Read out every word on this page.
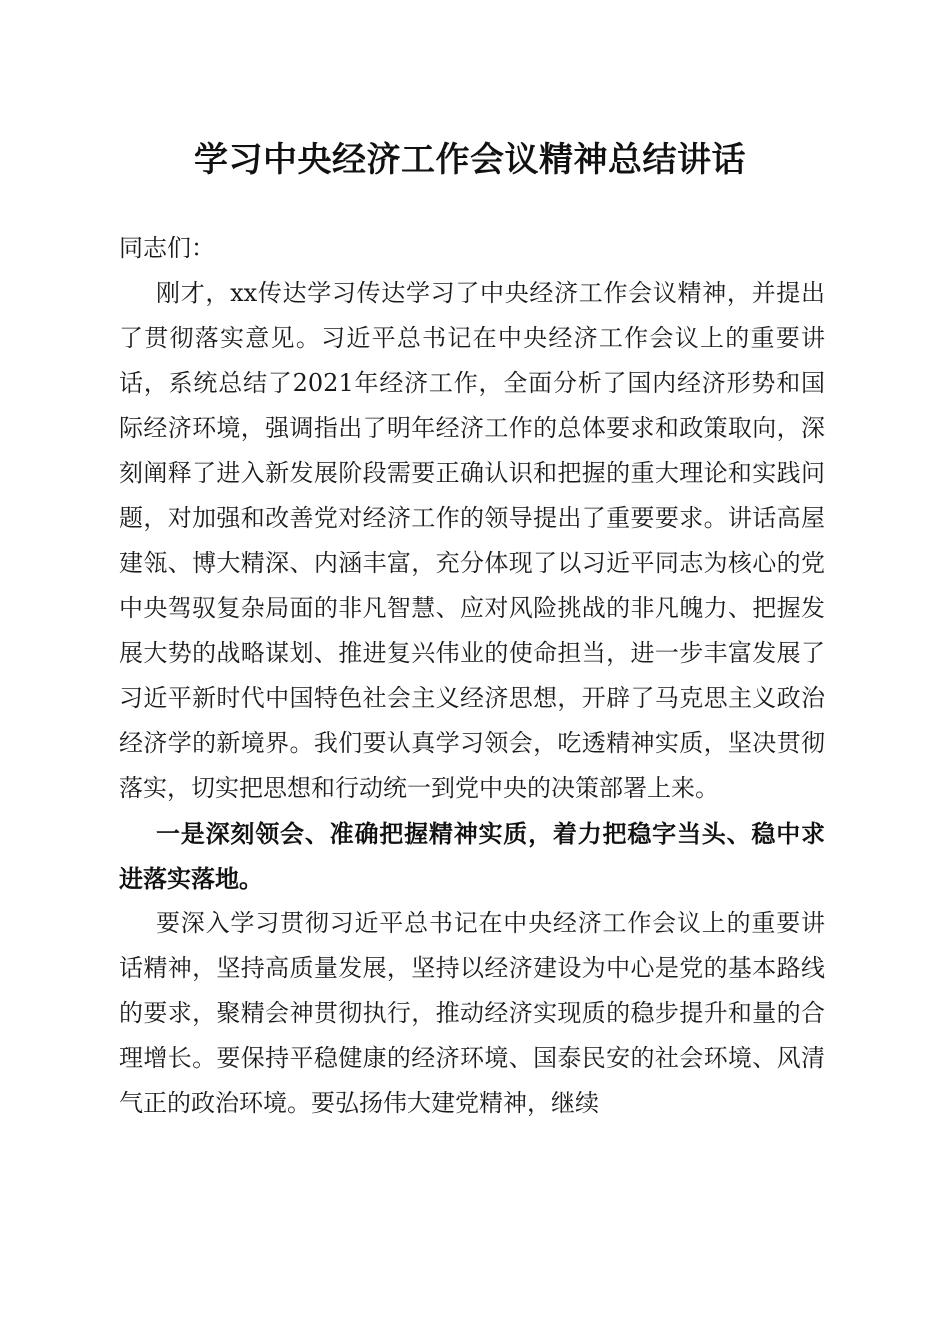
学习中央经济工作会议精神总结讲话

同志们：

刚才，xx传达学习传达学习了中央经济工作会议精神，并提出了贯彻落实意见。习近平总书记在中央经济工作会议上的重要讲话，系统总结了2021年经济工作，全面分析了国内经济形势和国际经济环境，强调指出了明年经济工作的总体要求和政策取向，深刻阐释了进入新发展阶段需要正确认识和把握的重大理论和实践问题，对加强和改善党对经济工作的领导提出了重要要求。讲话高屋建瓴、博大精深、内涵丰富，充分体现了以习近平同志为核心的党中央驾驭复杂局面的非凡智慧、应对风险挑战的非凡魄力、把握发展大势的战略谋划、推进复兴伟业的使命担当，进一步丰富发展了习近平新时代中国特色社会主义经济思想，开辟了马克思主义政治经济学的新境界。我们要认真学习领会，吃透精神实质，坚决贯彻落实，切实把思想和行动统一到党中央的决策部署上来。

一是深刻领会、准确把握精神实质，着力把稳字当头、稳中求进落实落地。

要深入学习贯彻习近平总书记在中央经济工作会议上的重要讲话精神，坚持高质量发展，坚持以经济建设为中心是党的基本路线的要求，聚精会神贯彻执行，推动经济实现质的稳步提升和量的合理增长。要保持平稳健康的经济环境、国泰民安的社会环境、风清气正的政治环境。要弘扬伟大建党精神，继续
